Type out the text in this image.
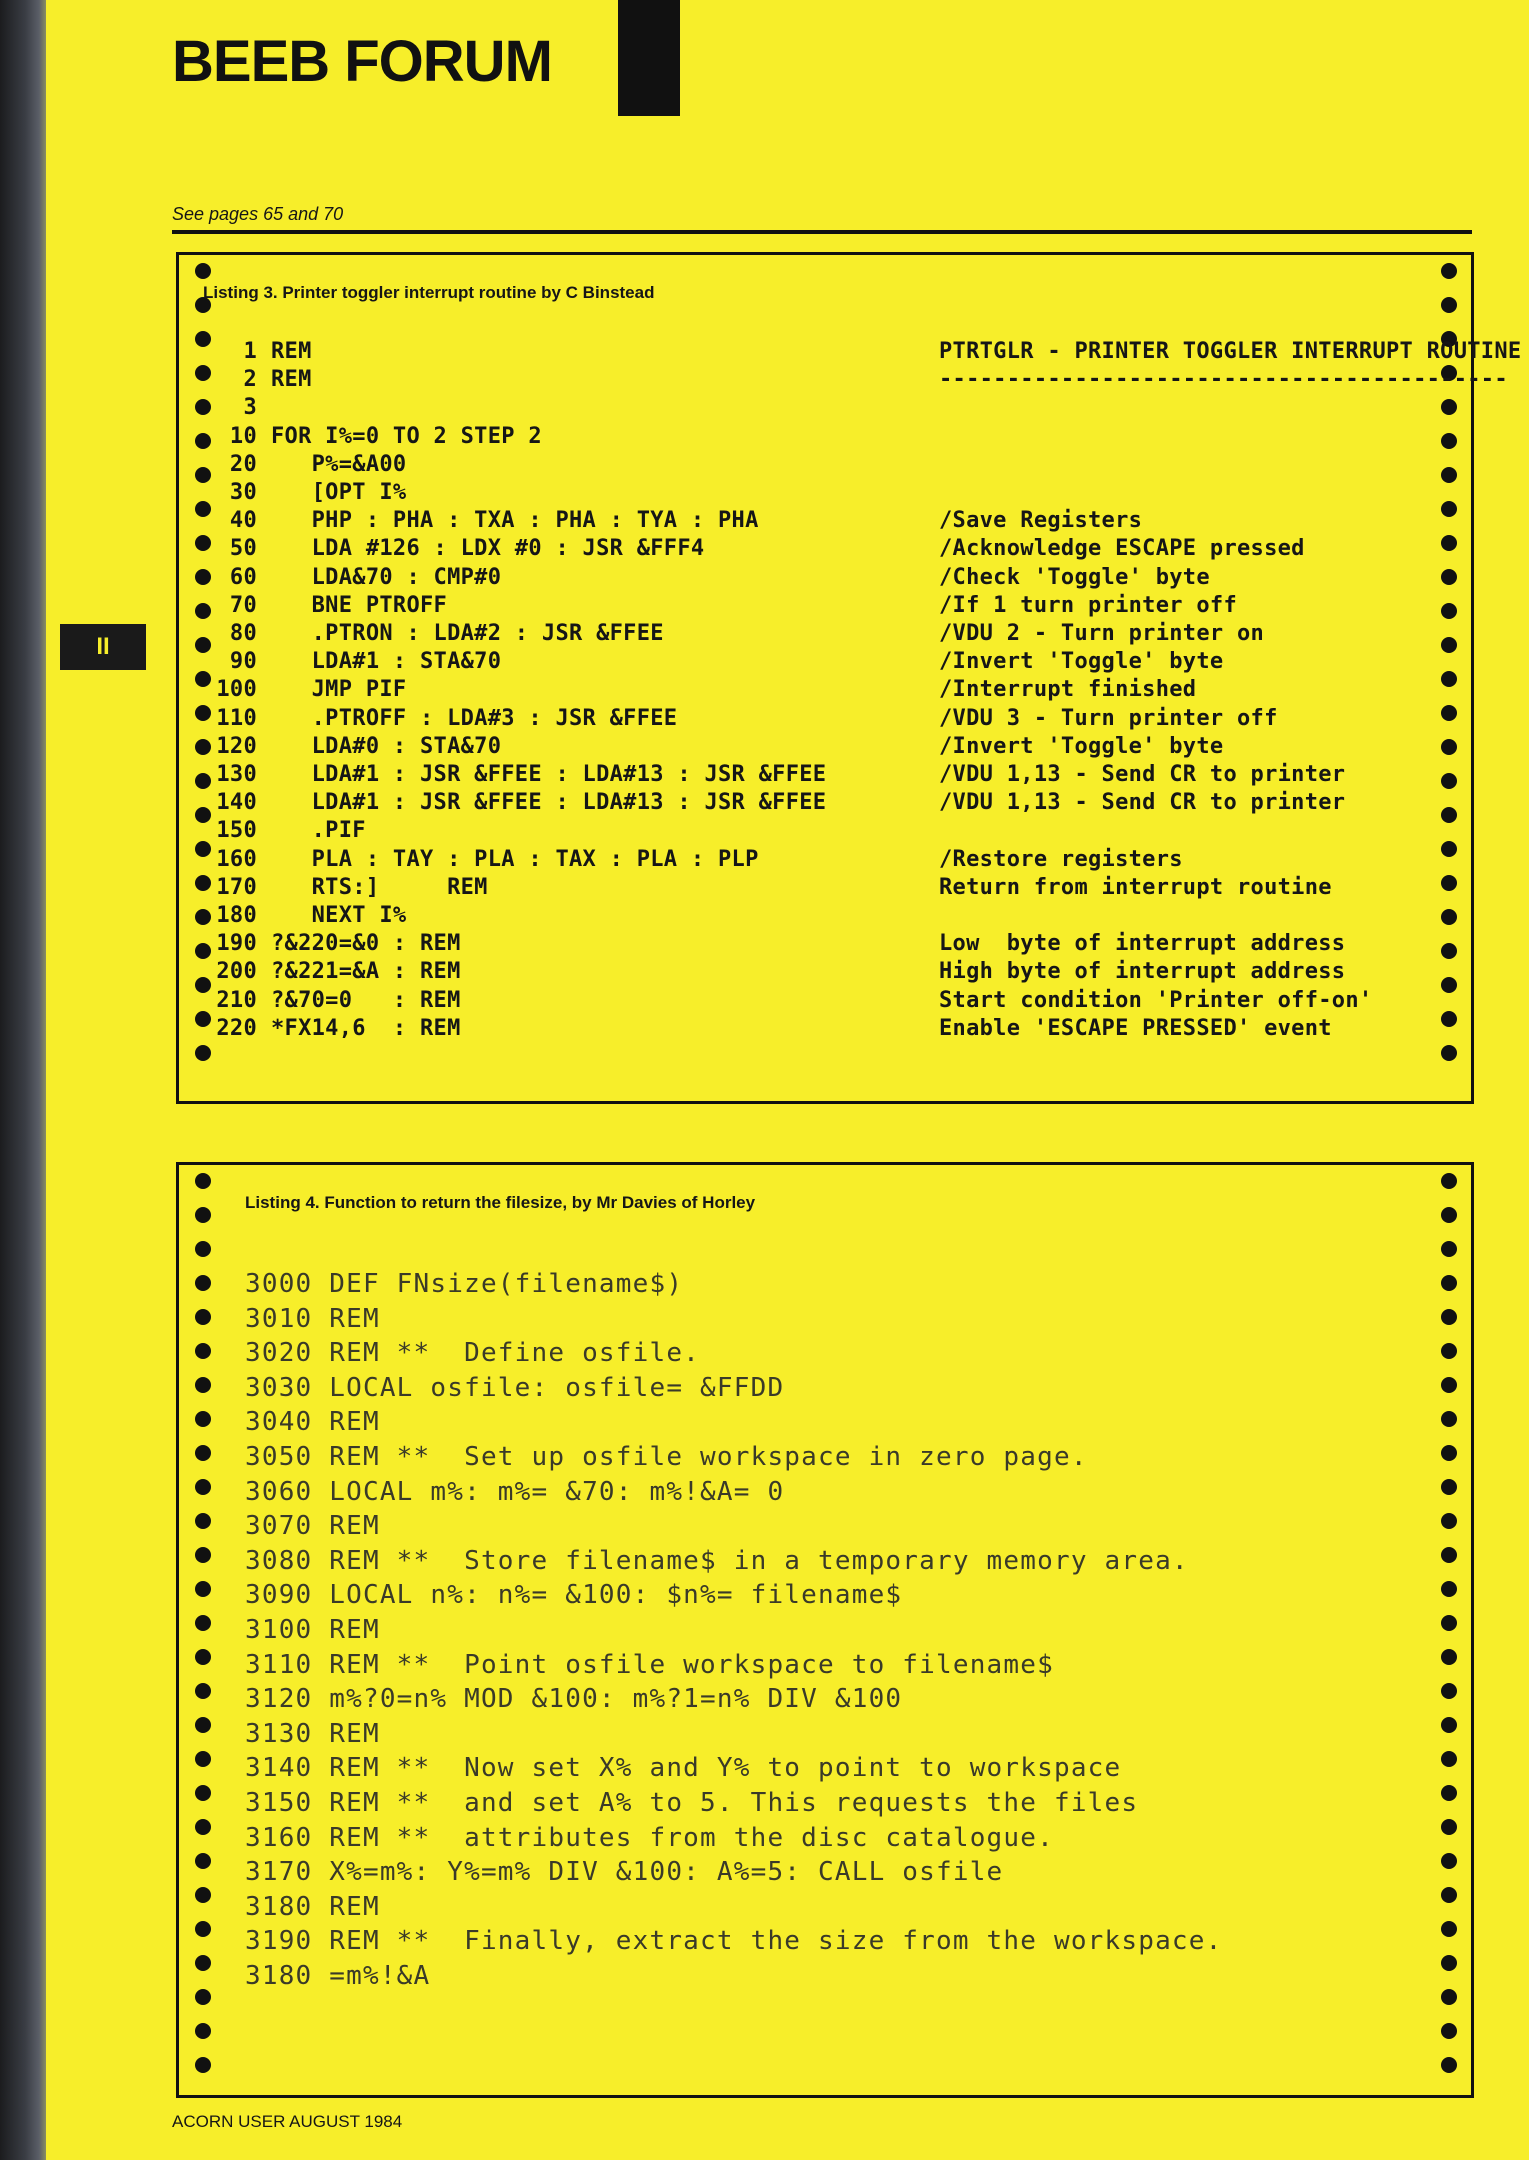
II
BEEB FORUM
See pages 65 and 70
Listing 3. Printer toggler interrupt routine by C Binstead
1 REM	PTRTGLR - PRINTER TOGGLER INTERRUPT ROUTINE
2 REM	------------------------------------------
3
10 FOR I%=0 TO 2 STEP 2
20   P%=&A00
30   [OPT I%
40   PHP : PHA : TXA : PHA : TYA : PHA	/Save Registers
50   LDA #126 : LDX #0 : JSR &FFF4	/Acknowledge ESCAPE pressed
60   LDA&70 : CMP#0	/Check 'Toggle' byte
70   BNE PTROFF	/If 1 turn printer off
80   .PTRON : LDA#2 : JSR &FFEE	/VDU 2 - Turn printer on
90   LDA#1 : STA&70	/Invert 'Toggle' byte
100   JMP PIF	/Interrupt finished
110   .PTROFF : LDA#3 : JSR &FFEE	/VDU 3 - Turn printer off
120   LDA#0 : STA&70	/Invert 'Toggle' byte
130   LDA#1 : JSR &FFEE : LDA#13 : JSR &FFEE	/VDU 1,13 - Send CR to printer
140   LDA#1 : JSR &FFEE : LDA#13 : JSR &FFEE	/VDU 1,13 - Send CR to printer
150   .PIF
160   PLA : TAY : PLA : TAX : PLA : PLP	/Restore registers
170   RTS:]     REM	Return from interrupt routine
180   NEXT I%
190 ?&220=&0 : REM	Low  byte of interrupt address
200 ?&221=&A : REM	High byte of interrupt address
210 ?&70=0   : REM	Start condition 'Printer off-on'
220 *FX14,6  : REM	Enable 'ESCAPE PRESSED' event
Listing 4. Function to return the filesize, by Mr Davies of Horley
3000 DEF FNsize(filename$)
3010 REM
3020 REM **  Define osfile.
3030 LOCAL osfile: osfile= &FFDD
3040 REM
3050 REM **  Set up osfile workspace in zero page.
3060 LOCAL m%: m%= &70: m%!&A= 0
3070 REM
3080 REM **  Store filename$ in a temporary memory area.
3090 LOCAL n%: n%= &100: $n%= filename$
3100 REM
3110 REM **  Point osfile workspace to filename$
3120 m%?0=n% MOD &100: m%?1=n% DIV &100
3130 REM
3140 REM **  Now set X% and Y% to point to workspace
3150 REM **  and set A% to 5. This requests the files
3160 REM **  attributes from the disc catalogue.
3170 X%=m%: Y%=m% DIV &100: A%=5: CALL osfile
3180 REM
3190 REM **  Finally, extract the size from the workspace.
3180 =m%!&A
ACORN USER AUGUST 1984
